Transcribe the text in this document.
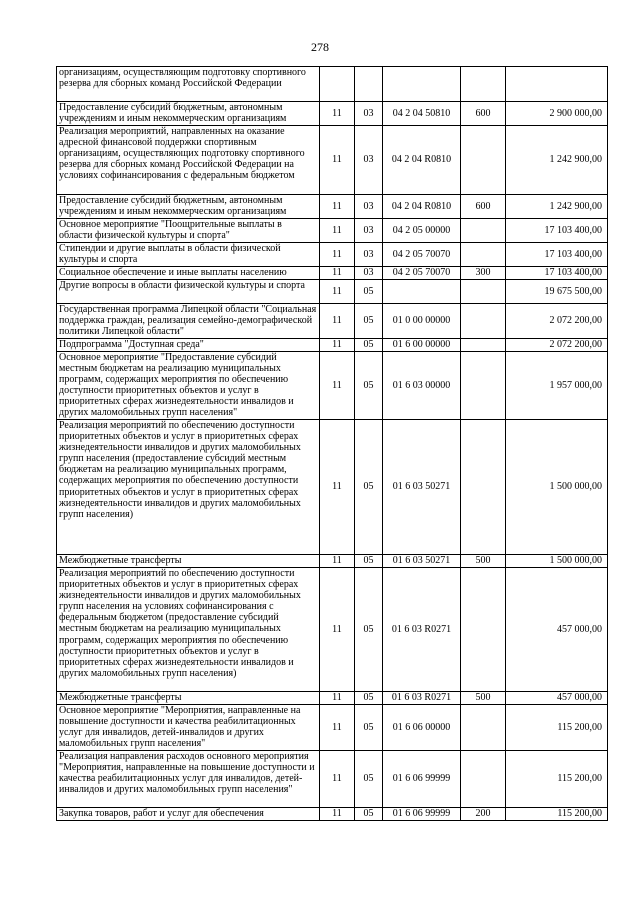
278
организациям, осуществляющим подготовку спортивного резерва для сборных команд Российской Федерации					
Предоставление субсидий бюджетным, автономным учреждениям и иным некоммерческим организациям	11	03	04 2 04 50810	600	2 900 000,00
Реализация мероприятий, направленных на оказание адресной финансовой поддержки спортивным организациям, осуществляющих подготовку спортивного резерва для сборных команд Российской Федерации на условиях софинансирования с федеральным бюджетом	11	03	04 2 04 R0810		1 242 900,00
Предоставление субсидий бюджетным, автономным учреждениям и иным некоммерческим организациям	11	03	04 2 04 R0810	600	1 242 900,00
Основное мероприятие "Поощрительные выплаты в области физической культуры и спорта"	11	03	04 2 05 00000		17 103 400,00
Стипендии и другие выплаты в области физической культуры и спорта	11	03	04 2 05 70070		17 103 400,00
Социальное обеспечение и иные выплаты населению	11	03	04 2 05 70070	300	17 103 400,00
Другие вопросы в области физической культуры и спорта	11	05			19 675 500,00
Государственная программа Липецкой области "Социальная поддержка граждан, реализация семейно-демографической политики Липецкой области"	11	05	01 0 00 00000		2 072 200,00
Подпрограмма "Доступная среда"	11	05	01 6 00 00000		2 072 200,00
Основное мероприятие "Предоставление субсидий местным бюджетам на реализацию муниципальных программ, содержащих мероприятия по обеспечению доступности приоритетных объектов и услуг в приоритетных сферах жизнедеятельности инвалидов и других маломобильных групп населения"	11	05	01 6 03 00000		1 957 000,00
Реализация мероприятий по обеспечению доступности приоритетных объектов и услуг в приоритетных сферах жизнедеятельности инвалидов и других маломобильных групп населения (предоставление субсидий местным бюджетам на реализацию муниципальных программ, содержащих мероприятия по обеспечению доступности приоритетных объектов и услуг в приоритетных сферах жизнедеятельности инвалидов и других маломобильных групп населения)	11	05	01 6 03 50271		1 500 000,00
Межбюджетные трансферты	11	05	01 6 03 50271	500	1 500 000,00
Реализация мероприятий по обеспечению доступности приоритетных объектов и услуг в приоритетных сферах жизнедеятельности инвалидов и других маломобильных групп населения на условиях софинансирования с федеральным бюджетом (предоставление субсидий местным бюджетам на реализацию муниципальных программ, содержащих мероприятия по обеспечению доступности приоритетных объектов и услуг в приоритетных сферах жизнедеятельности инвалидов и других маломобильных групп населения)	11	05	01 6 03 R0271		457 000,00
Межбюджетные трансферты	11	05	01 6 03 R0271	500	457 000,00
Основное мероприятие "Мероприятия, направленные на повышение доступности и качества реабилитационных услуг для инвалидов, детей-инвалидов и других маломобильных групп населения"	11	05	01 6 06 00000		115 200,00
Реализация направления расходов основного мероприятия "Мероприятия, направленные на повышение доступности и качества реабилитационных услуг для инвалидов, детей-инвалидов и других маломобильных групп населения"	11	05	01 6 06 99999		115 200,00
Закупка товаров, работ и услуг для обеспечения	11	05	01 6 06 99999	200	115 200,00
